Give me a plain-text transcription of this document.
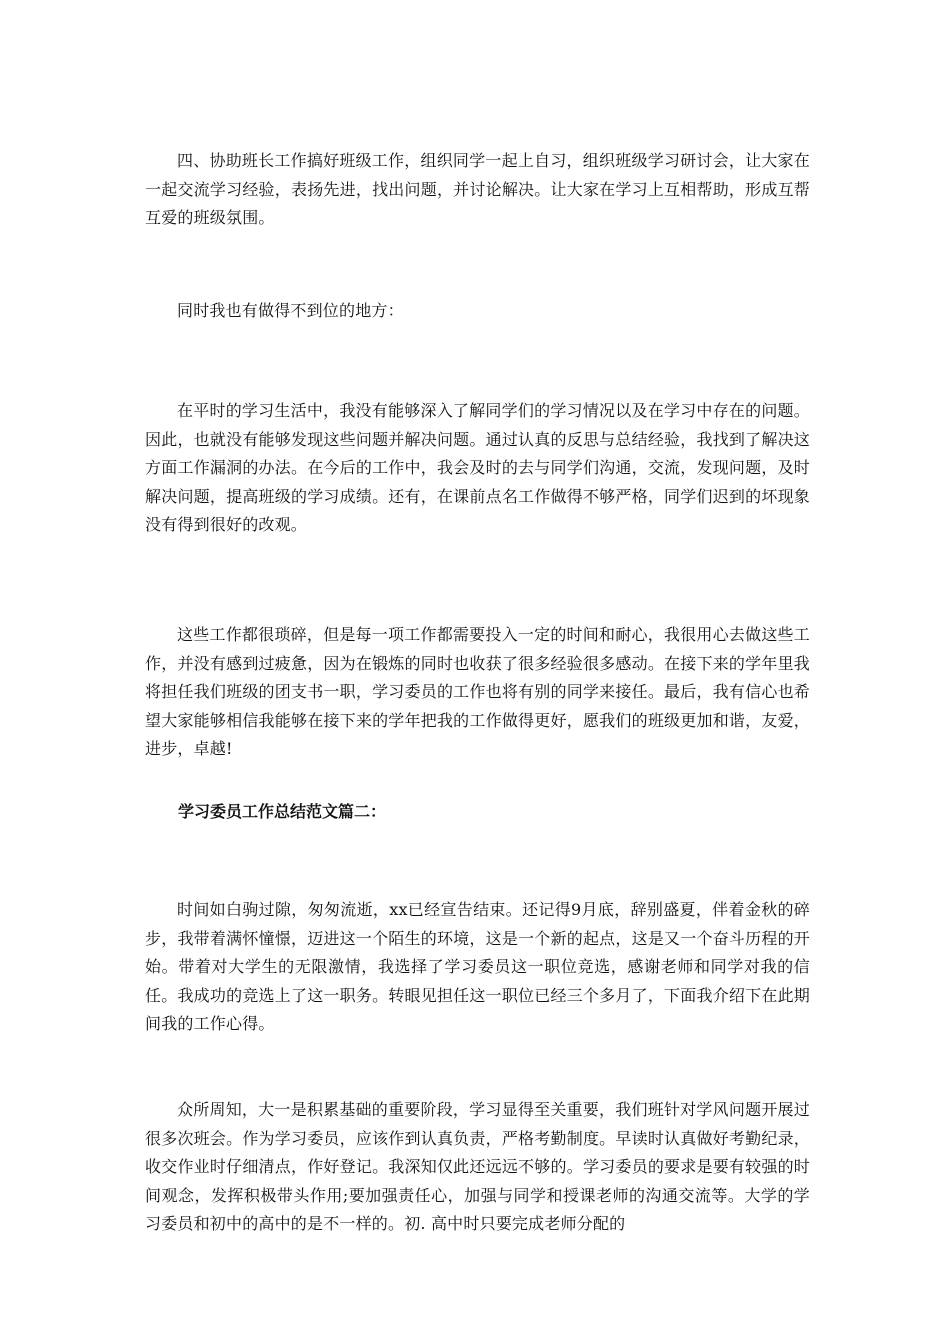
四、协助班长工作搞好班级工作，组织同学一起上自习，组织班级学习研讨会，让大家在一起交流学习经验，表扬先进，找出问题，并讨论解决。让大家在学习上互相帮助，形成互帮互爱的班级氛围。

同时我也有做得不到位的地方：

在平时的学习生活中，我没有能够深入了解同学们的学习情况以及在学习中存在的问题。因此，也就没有能够发现这些问题并解决问题。通过认真的反思与总结经验，我找到了解决这方面工作漏洞的办法。在今后的工作中，我会及时的去与同学们沟通，交流，发现问题，及时解决问题，提高班级的学习成绩。还有，在课前点名工作做得不够严格，同学们迟到的坏现象没有得到很好的改观。

这些工作都很琐碎，但是每一项工作都需要投入一定的时间和耐心，我很用心去做这些工作，并没有感到过疲惫，因为在锻炼的同时也收获了很多经验很多感动。在接下来的学年里我将担任我们班级的团支书一职，学习委员的工作也将有别的同学来接任。最后，我有信心也希望大家能够相信我能够在接下来的学年把我的工作做得更好，愿我们的班级更加和谐，友爱，进步，卓越!

学习委员工作总结范文篇二：

时间如白驹过隙，匆匆流逝，xx已经宣告结束。还记得9月底，辞别盛夏，伴着金秋的碎步，我带着满怀憧憬，迈进这一个陌生的环境，这是一个新的起点，这是又一个奋斗历程的开始。带着对大学生的无限激情，我选择了学习委员这一职位竞选，感谢老师和同学对我的信任。我成功的竞选上了这一职务。转眼见担任这一职位已经三个多月了，下面我介绍下在此期间我的工作心得。

众所周知，大一是积累基础的重要阶段，学习显得至关重要，我们班针对学风问题开展过很多次班会。作为学习委员，应该作到认真负责，严格考勤制度。早读时认真做好考勤纪录，收交作业时仔细清点，作好登记。我深知仅此还远远不够的。学习委员的要求是要有较强的时间观念，发挥积极带头作用;要加强责任心，加强与同学和授课老师的沟通交流等。大学的学习委员和初中的高中的是不一样的。初. 高中时只要完成老师分配的
